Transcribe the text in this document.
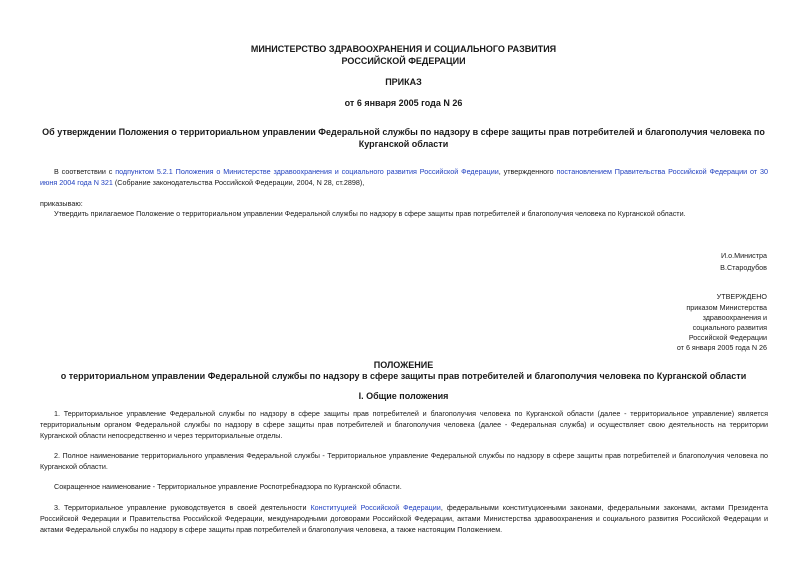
МИНИСТЕРСТВО ЗДРАВООХРАНЕНИЯ И СОЦИАЛЬНОГО РАЗВИТИЯ
РОССИЙСКОЙ ФЕДЕРАЦИИ
ПРИКАЗ
от 6 января 2005 года N 26
Об утверждении Положения о территориальном управлении Федеральной службы по надзору в сфере защиты прав потребителей и благополучия человека по
Курганской области
В соответствии с подпунктом 5.2.1 Положения о Министерстве здравоохранения и социального развития Российской Федерации, утвержденного постановлением Правительства Российской Федерации от 30 июня 2004 года N 321 (Собрание законодательства Российской Федерации, 2004, N 28, ст.2898),
приказываю:
Утвердить прилагаемое Положение о территориальном управлении Федеральной службы по надзору в сфере защиты прав потребителей и благополучия человека по Курганской области.
И.о.Министра
В.Стародубов
УТВЕРЖДЕНО
приказом Министерства
здравоохранения и
социального развития
Российской Федерации
от 6 января 2005 года N 26
ПОЛОЖЕНИЕ
о территориальном управлении Федеральной службы по надзору в сфере защиты прав потребителей и благополучия человека по Курганской области
I. Общие положения
1. Территориальное управление Федеральной службы по надзору в сфере защиты прав потребителей и благополучия человека по Курганской области (далее - территориальное управление) является территориальным органом Федеральной службы по надзору в сфере защиты прав потребителей и благополучия человека (далее - Федеральная служба) и осуществляет свою деятельность на территории Курганской области непосредственно и через территориальные отделы.
2. Полное наименование территориального управления Федеральной службы - Территориальное управление Федеральной службы по надзору в сфере защиты прав потребителей и благополучия человека по Курганской области.
Сокращенное наименование - Территориальное управление Роспотребнадзора по Курганской области.
3. Территориальное управление руководствуется в своей деятельности Конституцией Российской Федерации, федеральными конституционными законами, федеральными законами, актами Президента Российской Федерации и Правительства Российской Федерации, международными договорами Российской Федерации, актами Министерства здравоохранения и социального развития Российской Федерации и актами Федеральной службы по надзору в сфере защиты прав потребителей и благополучия человека, а также настоящим Положением.
